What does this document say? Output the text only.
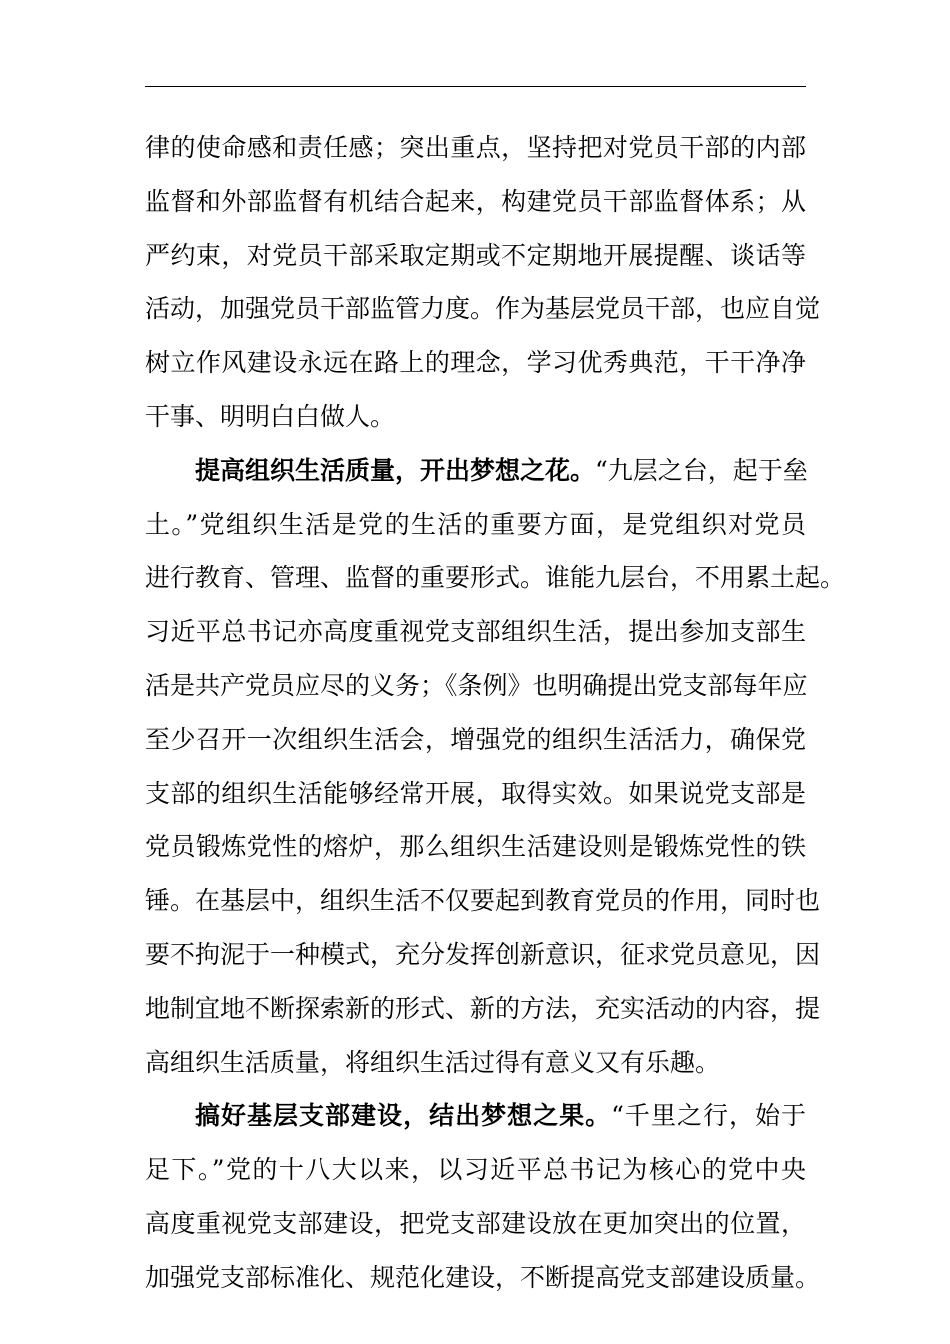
律的使命感和责任感；突出重点，坚持把对党员干部的内部
监督和外部监督有机结合起来，构建党员干部监督体系；从
严约束，对党员干部采取定期或不定期地开展提醒、谈话等
活动，加强党员干部监管力度。作为基层党员干部，也应自觉
树立作风建设永远在路上的理念，学习优秀典范，干干净净
干事、明明白白做人。
提高组织生活质量，开出梦想之花。“九层之台，起于垒
土。”党组织生活是党的生活的重要方面，是党组织对党员
进行教育、管理、监督的重要形式。谁能九层台，不用累土起。
习近平总书记亦高度重视党支部组织生活，提出参加支部生
活是共产党员应尽的义务；《条例》也明确提出党支部每年应
至少召开一次组织生活会，增强党的组织生活活力，确保党
支部的组织生活能够经常开展，取得实效。如果说党支部是
党员锻炼党性的熔炉，那么组织生活建设则是锻炼党性的铁
锤。在基层中，组织生活不仅要起到教育党员的作用，同时也
要不拘泥于一种模式，充分发挥创新意识，征求党员意见，因
地制宜地不断探索新的形式、新的方法，充实活动的内容，提
高组织生活质量，将组织生活过得有意义又有乐趣。
搞好基层支部建设，结出梦想之果。“千里之行，始于
足下。”党的十八大以来，以习近平总书记为核心的党中央
高度重视党支部建设，把党支部建设放在更加突出的位置，
加强党支部标准化、规范化建设，不断提高党支部建设质量。
